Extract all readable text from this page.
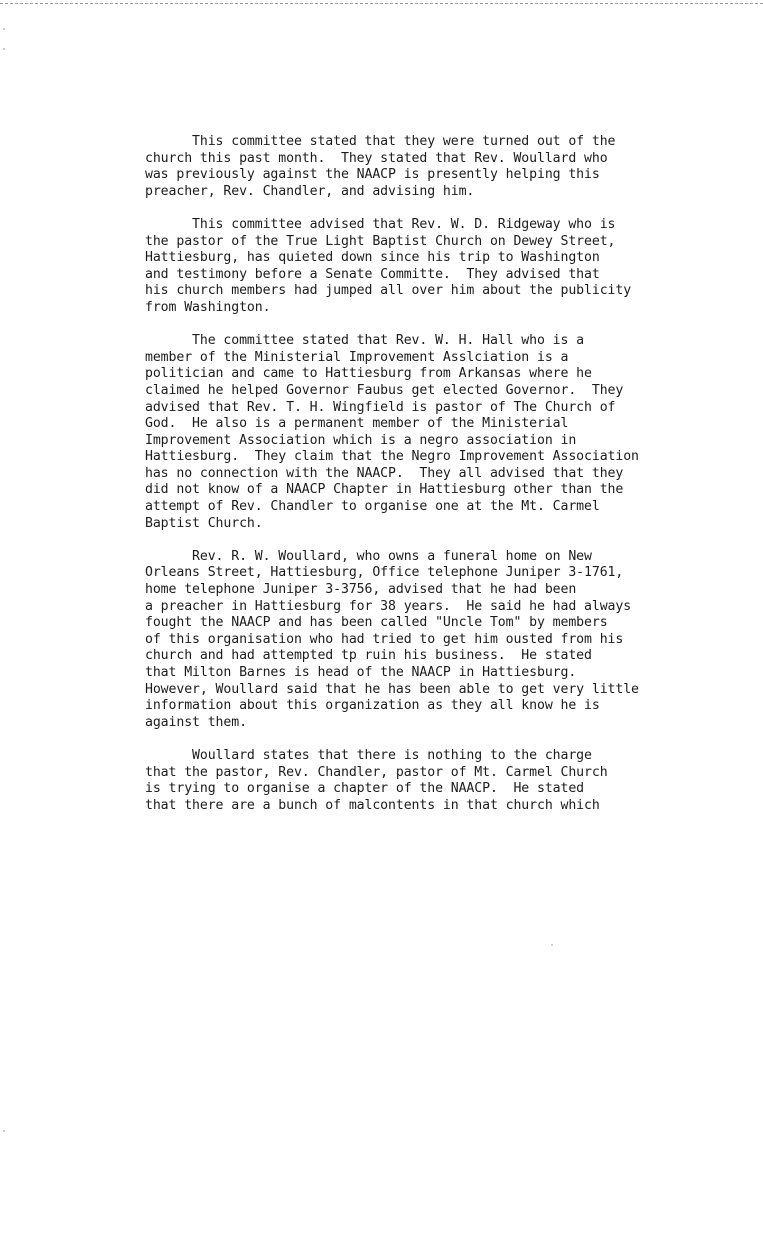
This committee stated that they were turned out of the
church this past month.  They stated that Rev. Woullard who
was previously against the NAACP is presently helping this
preacher, Rev. Chandler, and advising him.
This committee advised that Rev. W. D. Ridgeway who is
the pastor of the True Light Baptist Church on Dewey Street,
Hattiesburg, has quieted down since his trip to Washington
and testimony before a Senate Committe.  They advised that
his church members had jumped all over him about the publicity
from Washington.
The committee stated that Rev. W. H. Hall who is a
member of the Ministerial Improvement Asslciation is a
politician and came to Hattiesburg from Arkansas where he
claimed he helped Governor Faubus get elected Governor.  They
advised that Rev. T. H. Wingfield is pastor of The Church of
God.  He also is a permanent member of the Ministerial
Improvement Association which is a negro association in
Hattiesburg.  They claim that the Negro Improvement Association
has no connection with the NAACP.  They all advised that they
did not know of a NAACP Chapter in Hattiesburg other than the
attempt of Rev. Chandler to organise one at the Mt. Carmel
Baptist Church.
Rev. R. W. Woullard, who owns a funeral home on New
Orleans Street, Hattiesburg, Office telephone Juniper 3-1761,
home telephone Juniper 3-3756, advised that he had been
a preacher in Hattiesburg for 38 years.  He said he had always
fought the NAACP and has been called "Uncle Tom" by members
of this organisation who had tried to get him ousted from his
church and had attempted tp ruin his business.  He stated
that Milton Barnes is head of the NAACP in Hattiesburg.
However, Woullard said that he has been able to get very little
information about this organization as they all know he is
against them.
Woullard states that there is nothing to the charge
that the pastor, Rev. Chandler, pastor of Mt. Carmel Church
is trying to organise a chapter of the NAACP.  He stated
that there are a bunch of malcontents in that church which
